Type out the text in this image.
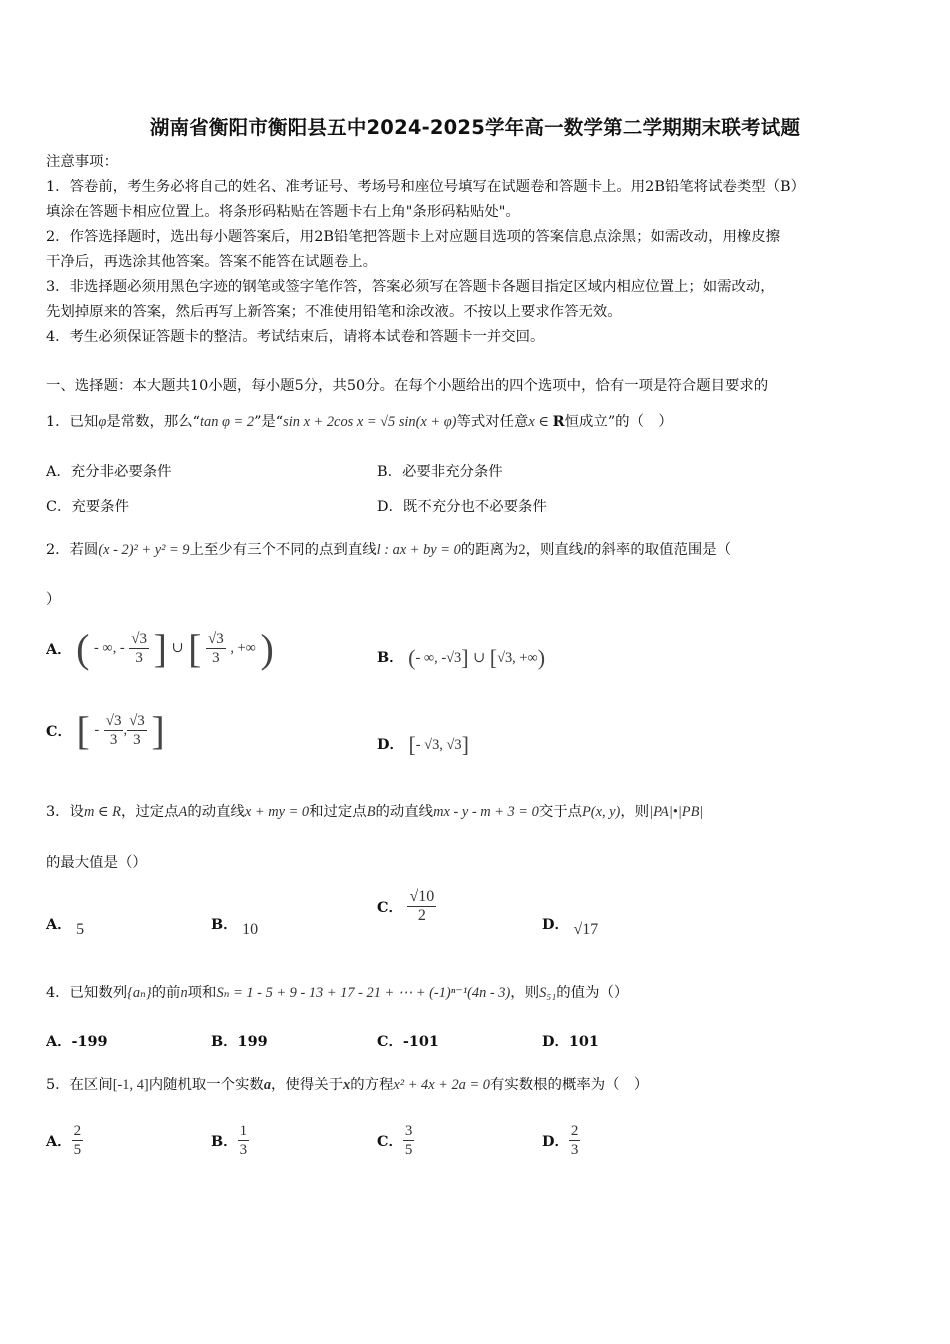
湖南省衡阳市衡阳县五中2024-2025学年高一数学第二学期期末联考试题
注意事项：
1．答卷前，考生务必将自己的姓名、准考证号、考场号和座位号填写在试题卷和答题卡上。用2B铅笔将试卷类型（B）
填涂在答题卡相应位置上。将条形码粘贴在答题卡右上角"条形码粘贴处"。
2．作答选择题时，选出每小题答案后，用2B铅笔把答题卡上对应题目选项的答案信息点涂黑；如需改动，用橡皮擦
干净后，再选涂其他答案。答案不能答在试题卷上。
3．非选择题必须用黑色字迹的钢笔或签字笔作答，答案必须写在答题卡各题目指定区域内相应位置上；如需改动，
先划掉原来的答案，然后再写上新答案；不准使用铅笔和涂改液。不按以上要求作答无效。
4．考生必须保证答题卡的整洁。考试结束后，请将本试卷和答题卡一并交回。
一、选择题：本大题共10小题，每小题5分，共50分。在每个小题给出的四个选项中，恰有一项是符合题目要求的
1．已知φ是常数，那么“tan φ = 2”是“sin x + 2cos x = √5 sin(x + φ)等式对任意x ∈ R恒成立”的（　）
A．充分非必要条件	B．必要非充分条件
C．充要条件	D．既不充分也不必要条件
2．若圆(x - 2)² + y² = 9上至少有三个不同的点到直线l : ax + by = 0的距离为2，则直线l的斜率的取值范围是（
）
A． ( - ∞, - $\frac{√3}{3}$ ] ∪ [ $\frac{√3}{3}$ , +∞ )	B． (- ∞, -√3] ∪ [√3, +∞)
C． [ - $\frac{√3}{3}$ , $\frac{√3}{3}$ ]	D． [- √3, √3]
3．设m ∈ R，过定点A的动直线x + my = 0和过定点B的动直线mx - y - m + 3 = 0交于点P(x, y)，则|PA|•|PB|
的最大值是（）
A． 5	B． 10
C． $\frac{√10}{2}$	D． √17
4．已知数列{aₙ}的前n项和Sₙ = 1 - 5 + 9 - 13 + 17 - 21 + ⋯ + (-1)ⁿ⁻¹(4n - 3)，则S₅₁的值为（）
A．-199	B．199	C．-101	D．101
5．在区间[-1, 4]内随机取一个实数a，使得关于x的方程x² + 4x + 2a = 0有实数根的概率为（　）
A． $\frac{2}{5}$	B． $\frac{1}{3}$	C． $\frac{3}{5}$	D． $\frac{2}{3}$
